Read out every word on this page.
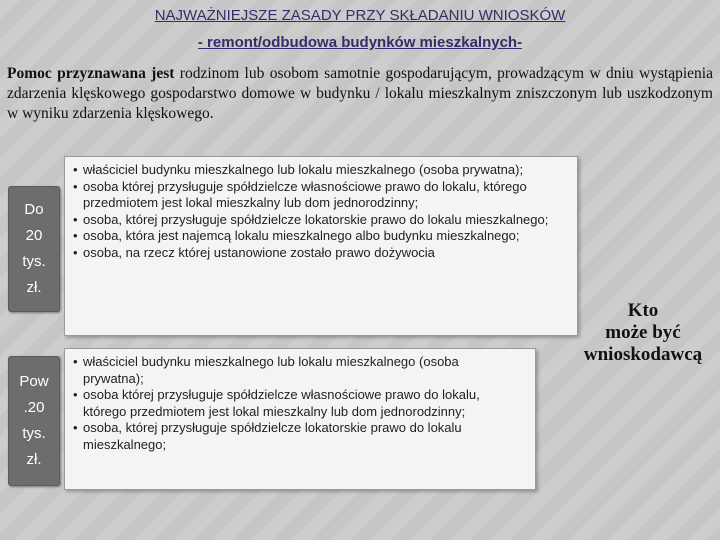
NAJWAŻNIEJSZE ZASADY PRZY SKŁADANIU WNIOSKÓW
- remont/odbudowa budynków mieszkalnych-
Pomoc przyznawana jest rodzinom lub osobom samotnie gospodarującym, prowadzącym w dniu wystąpienia zdarzenia klęskowego gospodarstwo domowe w budynku / lokalu mieszkalnym zniszczonym lub uszkodzonym w wyniku zdarzenia klęskowego.
Do
20
tys.
zł.
• właściciel budynku mieszkalnego lub lokalu mieszkalnego (osoba prywatna);
• osoba której przysługuje spółdzielcze własnościowe prawo do lokalu, którego przedmiotem jest lokal mieszkalny lub dom jednorodzinny;
• osoba, której przysługuje spółdzielcze lokatorskie prawo do lokalu mieszkalnego;
• osoba, która jest najemcą lokalu mieszkalnego albo budynku mieszkalnego;
• osoba, na rzecz której ustanowione zostało prawo dożywocia
Pow
.20
tys.
zł.
• właściciel budynku mieszkalnego lub lokalu mieszkalnego (osoba prywatna);
• osoba której przysługuje spółdzielcze własnościowe prawo do lokalu, którego przedmiotem jest lokal mieszkalny lub dom jednorodzinny;
• osoba, której przysługuje spółdzielcze lokatorskie prawo do lokalu mieszkalnego;
Kto
może być
wnioskodawcą
